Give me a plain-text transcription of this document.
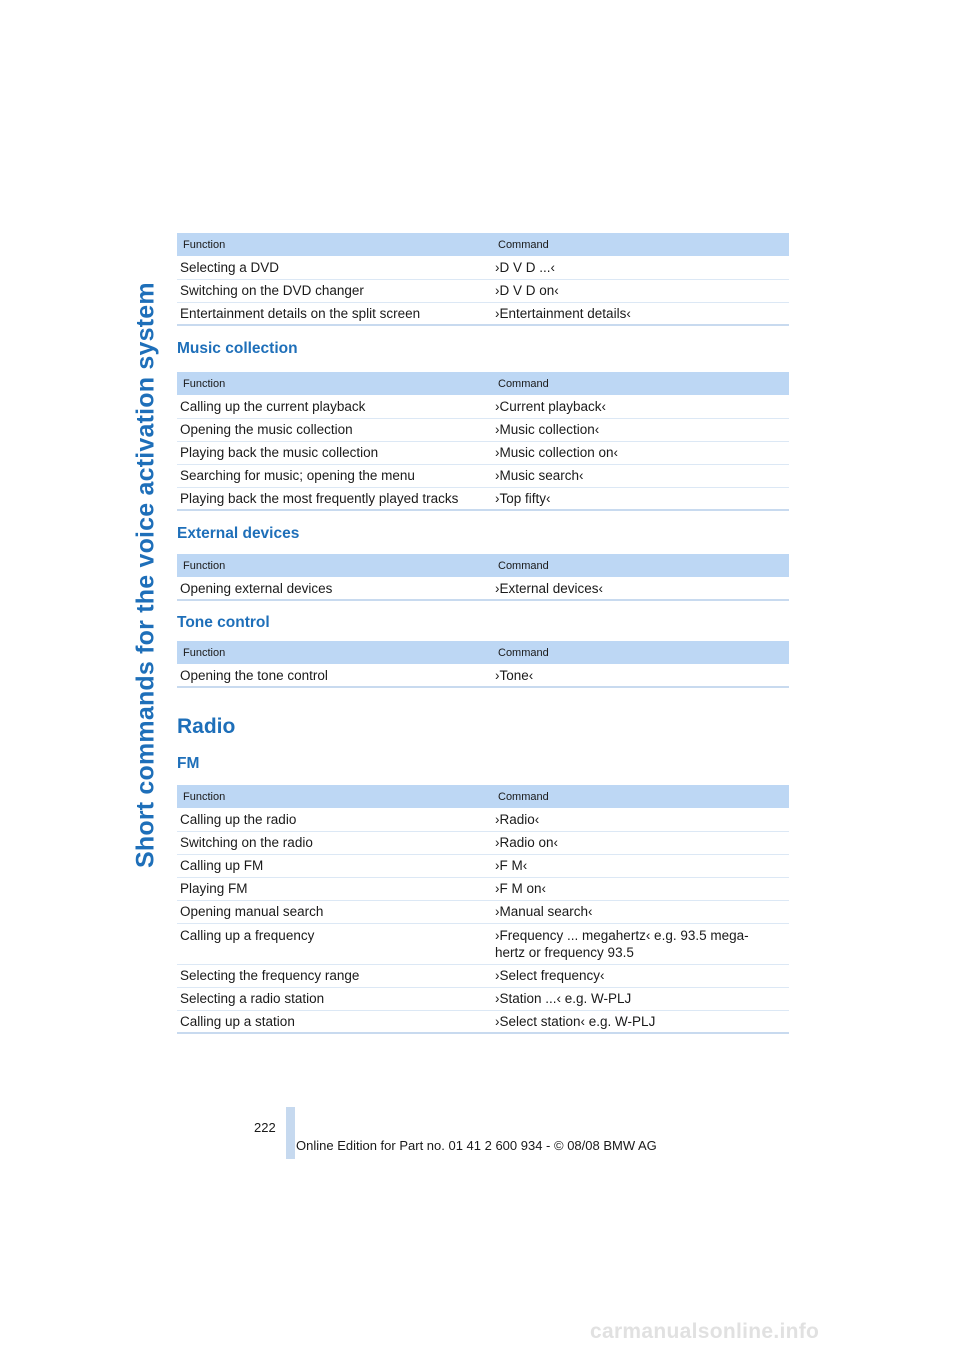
Short commands for the voice activation system
Function	Command
Selecting a DVD	›D V D ...‹
Switching on the DVD changer	›D V D on‹
Entertainment details on the split screen	›Entertainment details‹
Music collection
Function	Command
Calling up the current playback	›Current playback‹
Opening the music collection	›Music collection‹
Playing back the music collection	›Music collection on‹
Searching for music; opening the menu	›Music search‹
Playing back the most frequently played tracks	›Top fifty‹
External devices
Function	Command
Opening external devices	›External devices‹
Tone control
Function	Command
Opening the tone control	›Tone‹
Radio
FM
Function	Command
Calling up the radio	›Radio‹
Switching on the radio	›Radio on‹
Calling up FM	›F M‹
Playing FM	›F M on‹
Opening manual search	›Manual search‹
Calling up a frequency	›Frequency ... megahertz‹ e.g. 93.5 mega-
hertz or frequency 93.5

Selecting the frequency range	›Select frequency‹
Selecting a radio station	›Station ...‹ e.g. W-PLJ
Calling up a station	›Select station‹ e.g. W-PLJ
222
Online Edition for Part no. 01 41 2 600 934 - © 08/08 BMW AG
carmanualsonline.info
